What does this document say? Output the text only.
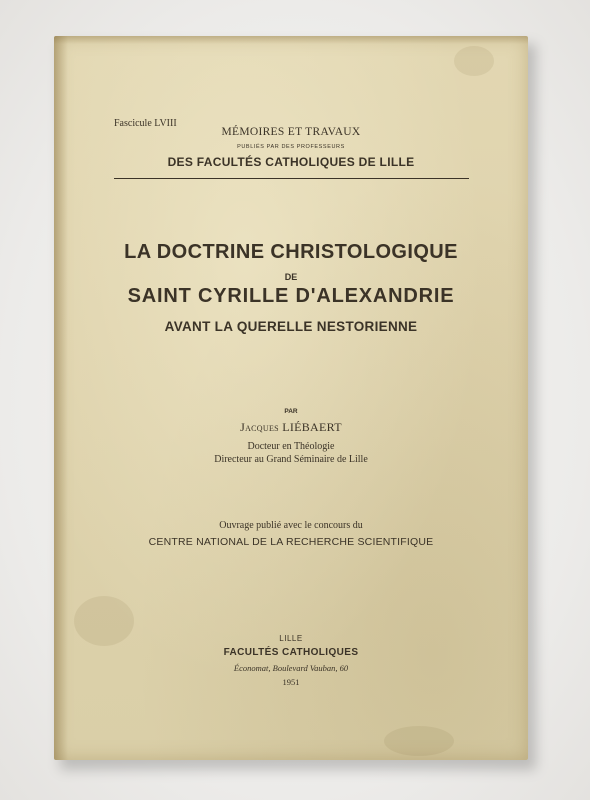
Fascicule LVIII
MÉMOIRES ET TRAVAUX
PUBLIÉS PAR DES PROFESSEURS
DES FACULTÉS CATHOLIQUES DE LILLE
LA DOCTRINE CHRISTOLOGIQUE
DE
SAINT CYRILLE D'ALEXANDRIE
AVANT LA QUERELLE NESTORIENNE
PAR
Jacques LIÉBAERT
Docteur en Théologie
Directeur au Grand Séminaire de Lille
Ouvrage publié avec le concours du
CENTRE NATIONAL DE LA RECHERCHE SCIENTIFIQUE
LILLE
FACULTÉS CATHOLIQUES
Économat, Boulevard Vauban, 60
1951
